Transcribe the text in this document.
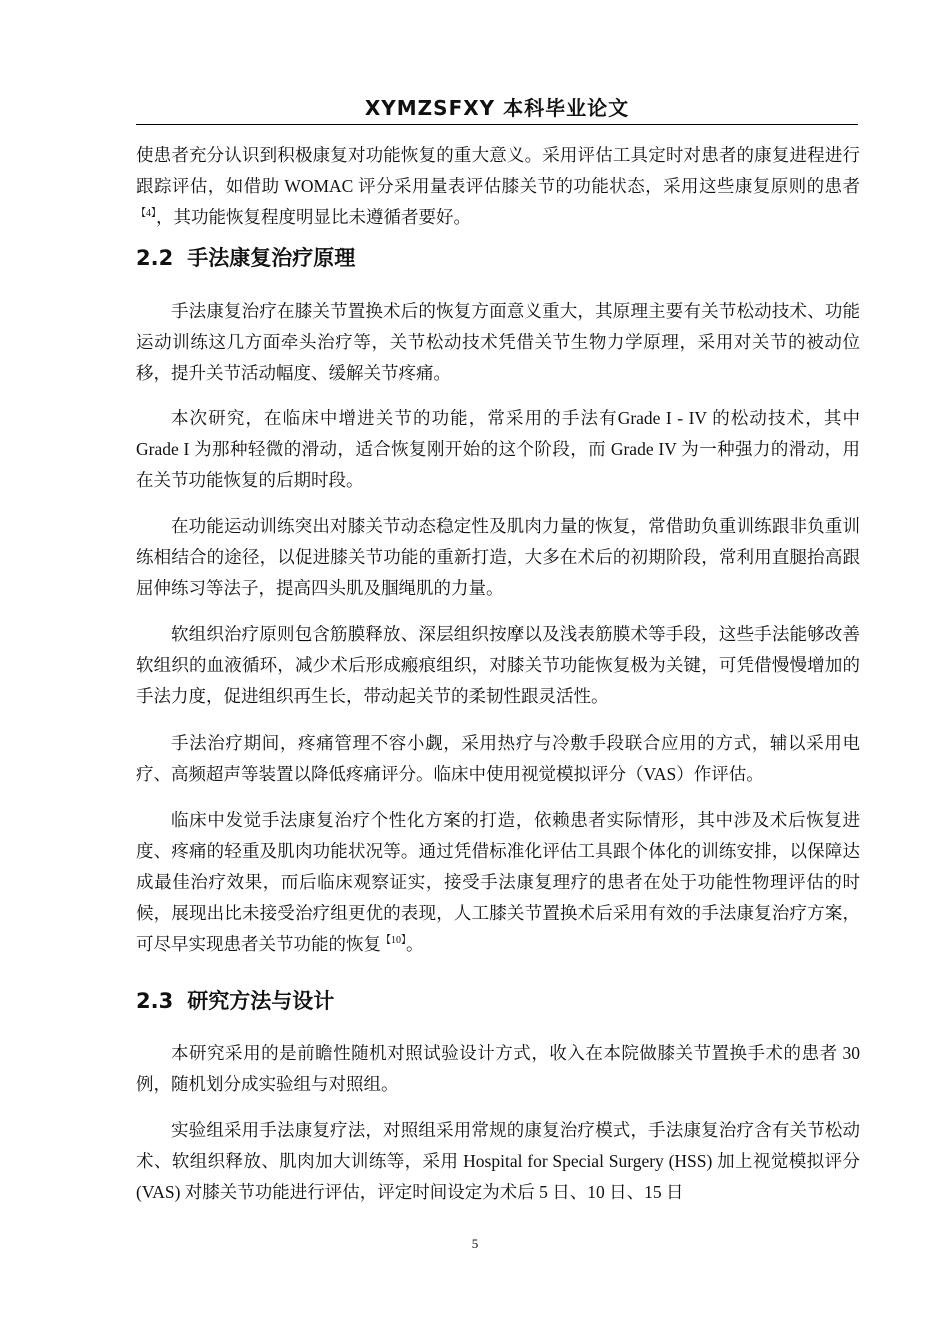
XYMZSFXY 本科毕业论文

使患者充分认识到积极康复对功能恢复的重大意义。采用评估工具定时对患者的康复进程进行跟踪评估，如借助 WOMAC 评分采用量表评估膝关节的功能状态，采用这些康复原则的患者$^{【4】}$，其功能恢复程度明显比未遵循者要好。

2.2 手法康复治疗原理

手法康复治疗在膝关节置换术后的恢复方面意义重大，其原理主要有关节松动技术、功能运动训练这几方面牵头治疗等，关节松动技术凭借关节生物力学原理，采用对关节的被动位移，提升关节活动幅度、缓解关节疼痛。

本次研究，在临床中增进关节的功能，常采用的手法有Grade I - IV 的松动技术，其中 Grade I 为那种轻微的滑动，适合恢复刚开始的这个阶段，而 Grade IV 为一种强力的滑动，用在关节功能恢复的后期时段。

在功能运动训练突出对膝关节动态稳定性及肌肉力量的恢复，常借助负重训练跟非负重训练相结合的途径，以促进膝关节功能的重新打造，大多在术后的初期阶段，常利用直腿抬高跟屈伸练习等法子，提高四头肌及腘绳肌的力量。

软组织治疗原则包含筋膜释放、深层组织按摩以及浅表筋膜术等手段，这些手法能够改善软组织的血液循环，减少术后形成瘢痕组织，对膝关节功能恢复极为关键，可凭借慢慢增加的手法力度，促进组织再生长，带动起关节的柔韧性跟灵活性。

手法治疗期间，疼痛管理不容小觑，采用热疗与冷敷手段联合应用的方式，辅以采用电疗、高频超声等装置以降低疼痛评分。临床中使用视觉模拟评分（VAS）作评估。

临床中发觉手法康复治疗个性化方案的打造，依赖患者实际情形，其中涉及术后恢复进度、疼痛的轻重及肌肉功能状况等。通过凭借标准化评估工具跟个体化的训练安排，以保障达成最佳治疗效果，而后临床观察证实，接受手法康复理疗的患者在处于功能性物理评估的时候，展现出比未接受治疗组更优的表现，人工膝关节置换术后采用有效的手法康复治疗方案，可尽早实现患者关节功能的恢复$^{【10】}$。

2.3 研究方法与设计

本研究采用的是前瞻性随机对照试验设计方式，收入在本院做膝关节置换手术的患者 30 例，随机划分成实验组与对照组。

实验组采用手法康复疗法，对照组采用常规的康复治疗模式，手法康复治疗含有关节松动术、软组织释放、肌肉加大训练等，采用 Hospital for Special Surgery (HSS) 加上视觉模拟评分 (VAS) 对膝关节功能进行评估，评定时间设定为术后 5 日、10 日、15 日

5
